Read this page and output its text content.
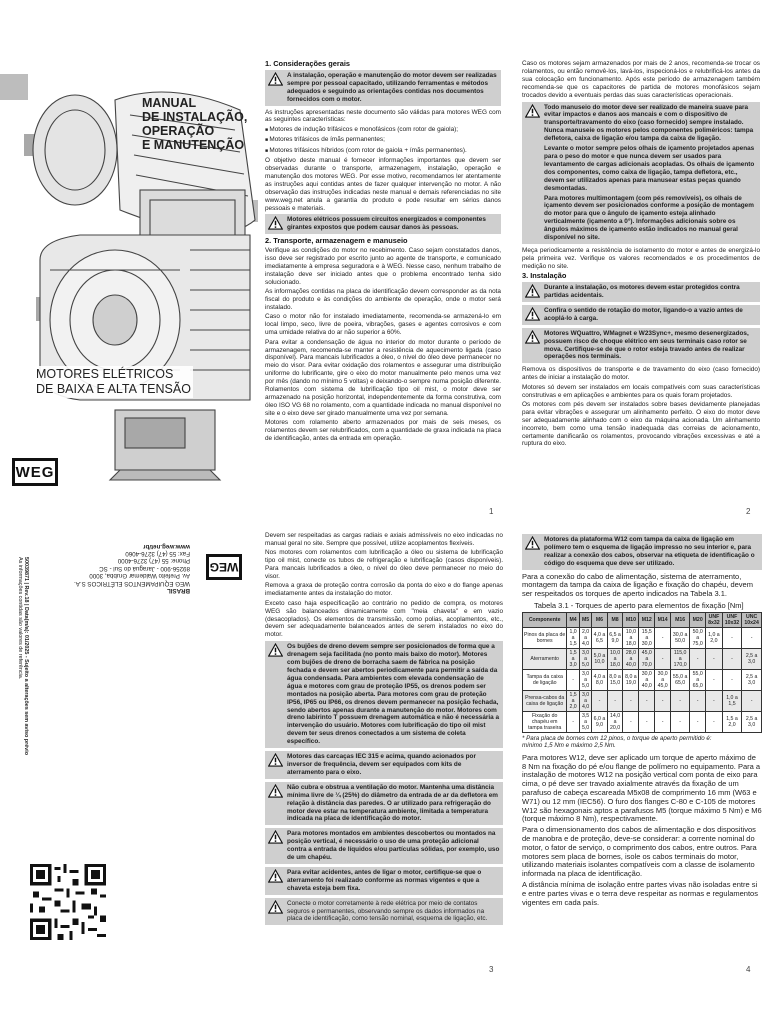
MANUAL
DE INSTALAÇÃO,
OPERAÇÃO
E MANUTENÇÃO
MOTORES ELÉTRICOS
DE BAIXA E ALTA TENSÃO
WEG
1. Considerações gerais
A instalação, operação e manutenção do motor devem ser realizadas sempre por pessoal capacitado, utilizando ferramentas e métodos adequados e seguindo as orientações contidas nos documentos fornecidos com o motor.

As instruções apresentadas neste documento são válidas para motores WEG com as seguintes características:

■ Motores de indução trifásicos e monofásicos (com rotor de gaiola);

■ Motores trifásicos de ímãs permanentes;

■ Motores trifásicos híbridos (com rotor de gaiola + ímãs permanentes).

O objetivo deste manual é fornecer informações importantes que devem ser observadas durante o transporte, armazenagem, instalação, operação e manutenção dos motores WEG. Por esse motivo, recomendamos ler atentamente as instruções aqui contidas antes de fazer qualquer intervenção no motor. A não observação das instruções indicadas neste manual e demais referenciadas no site www.weg.net anula a garantia do produto e pode resultar em sérios danos pessoais e materiais.

Motores elétricos possuem circuitos energizados e componentes girantes expostos que podem causar danos às pessoas.
2. Transporte, armazenagem e manuseio

Verifique as condições do motor no recebimento. Caso sejam constatados danos, isso deve ser registrado por escrito junto ao agente de transporte, e comunicado imediatamente à empresa seguradora e à WEG. Nesse caso, nenhum trabalho de instalação deve ser iniciado antes que o problema encontrado tenha sido solucionado.

As informações contidas na placa de identificação devem corresponder as da nota fiscal do produto e às condições do ambiente de operação, onde o motor será instalado.

Caso o motor não for instalado imediatamente, recomenda-se armazená-lo em local limpo, seco, livre de poeira, vibrações, gases e agentes corrosivos e com uma umidade relativa do ar não superior a 60%.

Para evitar a condensação de água no interior do motor durante o período de armazenagem, recomenda-se manter a resistência de aquecimento ligada (caso disponível). Para mancais lubrificados a óleo, o nível do óleo deve permanecer no meio do visor. Para evitar oxidação dos rolamentos e assegurar uma distribuição uniforme do lubrificante, gire o eixo do motor manualmente pelo menos uma vez por mês (dando no mínimo 5 voltas) e deixando-o sempre numa posição diferente. Rolamentos com sistema de lubrificação tipo oil mist, o motor deve ser armazenado na posição horizontal, independentemente da forma construtiva, com óleo ISO VG 68 no rolamento, com a quantidade indicada no manual disponível no site e o eixo deve ser girado manualmente uma vez por semana.

Motores com rolamento aberto armazenados por mais de seis meses, os rolamentos devem ser relubrificados, com a quantidade de graxa indicada na placa de identificação, antes da entrada em operação.

1

Caso os motores sejam armazenados por mais de 2 anos, recomenda-se trocar os rolamentos, ou então removê-los, lavá-los, inspecioná-los e relubrificá-los antes da sua colocação em funcionamento. Após este período de armazenagem também recomenda-se que os capacitores de partida de motores monofásicos sejam trocados devido a eventuais perdas das suas características operacionais.

Todo manuseio do motor deve ser realizado de maneira suave para evitar impactos e danos aos mancais e com o dispositivo de transporte/travamento do eixo (caso fornecido) sempre instalado. Nunca manuseie os motores pelos componentes poliméricos: tampa defletora, caixa de ligação e/ou tampa da caixa de ligação.
Levante o motor sempre pelos olhais de içamento projetados apenas para o peso do motor e que nunca devem ser usados para levantamento de cargas adicionais acopladas. Os olhais de içamento dos componentes, como caixa de ligação, tampa defletora, etc., devem ser utilizados apenas para manusear estas peças quando desmontadas.
Para motores multimontagem (com pés removíveis), os olhais de içamento devem ser posicionados conforme a posição de montagem do motor para que o ângulo de içamento esteja alinhado verticalmente (içamento a 0°). Informações adicionais sobre os ângulos máximos de içamento estão indicados no manual geral disponível no site.

Meça periodicamente a resistência de isolamento do motor e antes de energizá-lo pela primeira vez. Verifique os valores recomendados e os procedimentos de medição no site.

3. Instalação
Durante a instalação, os motores devem estar protegidos contra partidas acidentais.
Confira o sentido de rotação do motor, ligando-o a vazio antes de acoplá-lo à carga.
Motores WQuattro, WMagnet e W23Sync+, mesmo desenergizados, possuem risco de choque elétrico em seus terminais caso rotor se mova. Certifique-se de que o rotor esteja travado antes de realizar operações nos terminais.

Remova os dispositivos de transporte e de travamento do eixo (caso fornecido) antes de iniciar a instalação do motor.

Motores só devem ser instalados em locais compatíveis com suas características construtivas e em aplicações e ambientes para os quais foram projetados.

Os motores com pés devem ser instalados sobre bases devidamente planejadas para evitar vibrações e assegurar um alinhamento perfeito. O eixo do motor deve ser adequadamente alinhado com o eixo da máquina acionada. Um alinhamento incorreto, bem como uma tensão inadequada das correias de acionamento, certamente danificarão os rolamentos, provocando vibrações excessivas e até a ruptura do eixo.

2
BRASIL
WEG EQUIPAMENTOS ELÉTRICOS S.A.
Av. Prefeito Waldemar Grubba, 3000
89256-900 - Jaraguá do Sul - SC
Phone: 55 (47) 3276-4000
Fax: 55 (47) 3276-4060
www.weg.net/br
WEG
50039871 | Rev.18 | Data(m/a): 01/2025 - Sujeito a alterações sem aviso prévio
As informações contidas são valores de referência.

Devem ser respeitadas as cargas radiais e axiais admissíveis no eixo indicadas no manual geral no site. Sempre que possível, utilize acoplamentos flexíveis.

Nos motores com rolamentos com lubrificação a óleo ou sistema de lubrificação tipo oil mist, conecte os tubos de refrigeração e lubrificação (casos disponíveis). Para mancais lubrificados a óleo, o nível do óleo deve permanecer no meio do visor.

Remova a graxa de proteção contra corrosão da ponta do eixo e do flange apenas imediatamente antes da instalação do motor.

Exceto caso haja especificação ao contrário no pedido de compra, os motores WEG são balanceados dinamicamente com "meia chaveta" e em vazio (desacoplados). Os elementos de transmissão, como polias, acoplamentos, etc., devem ser adequadamente balanceados antes de serem instalados no eixo do motor.

Os bujões de dreno devem sempre ser posicionados de forma que a drenagem seja facilitada (no ponto mais baixo do motor). Motores com bujões de dreno de borracha saem de fábrica na posição fechada e devem ser abertos periodicamente para permitir a saída da água condensada. Para ambientes com elevada condensação de água e motores com grau de proteção IP55, os drenos podem ser montados na posição aberta. Para motores com grau de proteção IP56, IP65 ou IP66, os drenos devem permanecer na posição fechada, sendo abertos apenas durante a manutenção do motor. Motores com dreno labirinto T possuem drenagem automática e não é necessária a intervenção do usuário. Motores com lubrificação do tipo oil mist devem ter seus drenos conectados a um sistema de coleta específico.
Motores das carcaças IEC 315 e acima, quando acionados por inversor de frequência, devem ser equipados com kits de aterramento para o eixo.
Não cubra e obstrua a ventilação do motor. Mantenha uma distância mínima livre de ¼ (25%) do diâmetro da entrada de ar da defletora em relação à distância das paredes. O ar utilizado para refrigeração do motor deve estar na temperatura ambiente, limitada a temperatura indicada na placa de identificação do motor.
Para motores montados em ambientes descobertos ou montados na posição vertical, é necessário o uso de uma proteção adicional contra a entrada de líquidos e/ou partículas sólidas, por exemplo, uso de um chapéu.
Para evitar acidentes, antes de ligar o motor, certifique-se que o aterramento foi realizado conforme as normas vigentes e que a chaveta esteja bem fixa.
Conecte o motor corretamente à rede elétrica por meio de contatos seguros e permanentes, observando sempre os dados informados na placa de identificação, como tensão nominal, esquema de ligação, etc.
3
Motores da plataforma W12 com tampa da caixa de ligação em polímero tem o esquema de ligação impresso no seu interior e, para realizar a conexão dos cabos, observar na etiqueta de identificação o código do esquema que deve ser utilizado.

Para a conexão do cabo de alimentação, sistema de aterramento, montagem da tampa da caixa de ligação e fixação do chapéu, devem ser respeitados os torques de aperto indicados na Tabela 3.1.

Tabela 3.1 - Torques de aperto para elementos de fixação [Nm]
Componente	M4	M5	M6	M8	M10	M12	M14	M16	M20	UNF 8x32	UNF 10x32	UNC 10x24
Pinos da placa de bornes	1,0 a 1,5	2,0 a 4,0	4,0 a 6,5	6,5 a 9,0	10,0 a 18,0	15,5 a 30,0	-	30,0 a 50,0	50,0 a 75,0	1,0 a 2,0	-	-
Aterramento	1,5 a 3,0	3,0 a 5,0	5,0 a 10,0	10,0 a 18,0	28,0 a 40,0	45,0 a 70,0	-	115,0 a 170,0	-	-	-	2,5 a 3,0
Tampa da caixa de ligação	-	3,0 a 5,0	4,0 a 8,0	8,0 a 15,0	8,0 a 19,0	30,0 a 40,0	30,0 a 45,0	55,0 a 65,0	55,0 a 65,0	-	-	2,5 a 3,0
Prensa-cabos da caixa de ligação	1,5 a 2,0	3,0 a 4,0	-	-	-	-	-	-	-	-	1,0 a 1,5	-
Fixação do chapéu em tampa traseira	-	3,5 a 5,0	6,0 a 9,0	14,0 a 20,0	-	-	-	-	-	-	1,5 a 2,0	2,5 a 3,0
* Para placa de bornes com 12 pinos, o torque de aperto permitido é:
mínimo 1,5 Nm e máximo 2,5 Nm.

Para motores W12, deve ser aplicado um torque de aperto máximo de 8 Nm na fixação do pé e/ou flange de polímero no equipamento. Para a instalação de motores W12 na posição vertical com ponta de eixo para cima, o pé deve ser travado axialmente através da fixação de um parafuso de cabeça escareada M5x08 de comprimento 16 mm (W63 e W71) ou 12 mm (IEC56). O furo dos flanges C-80 e C-105 de motores W12 são hexagonais aptos a parafusos M5 (torque máximo 5 Nm) e M6 (torque máximo 8 Nm), respectivamente.

Para o dimensionamento dos cabos de alimentação e dos dispositivos de manobra e de proteção, deve-se considerar: a corrente nominal do motor, o fator de serviço, o comprimento dos cabos, entre outros. Para motores sem placa de bornes, isole os cabos terminais do motor, utilizando materiais isolantes compatíveis com a classe de isolamento informada na placa de identificação.

A distância mínima de isolação entre partes vivas não isoladas entre si e entre partes vivas e o terra deve respeitar as normas e regulamentos vigentes em cada país.

4
